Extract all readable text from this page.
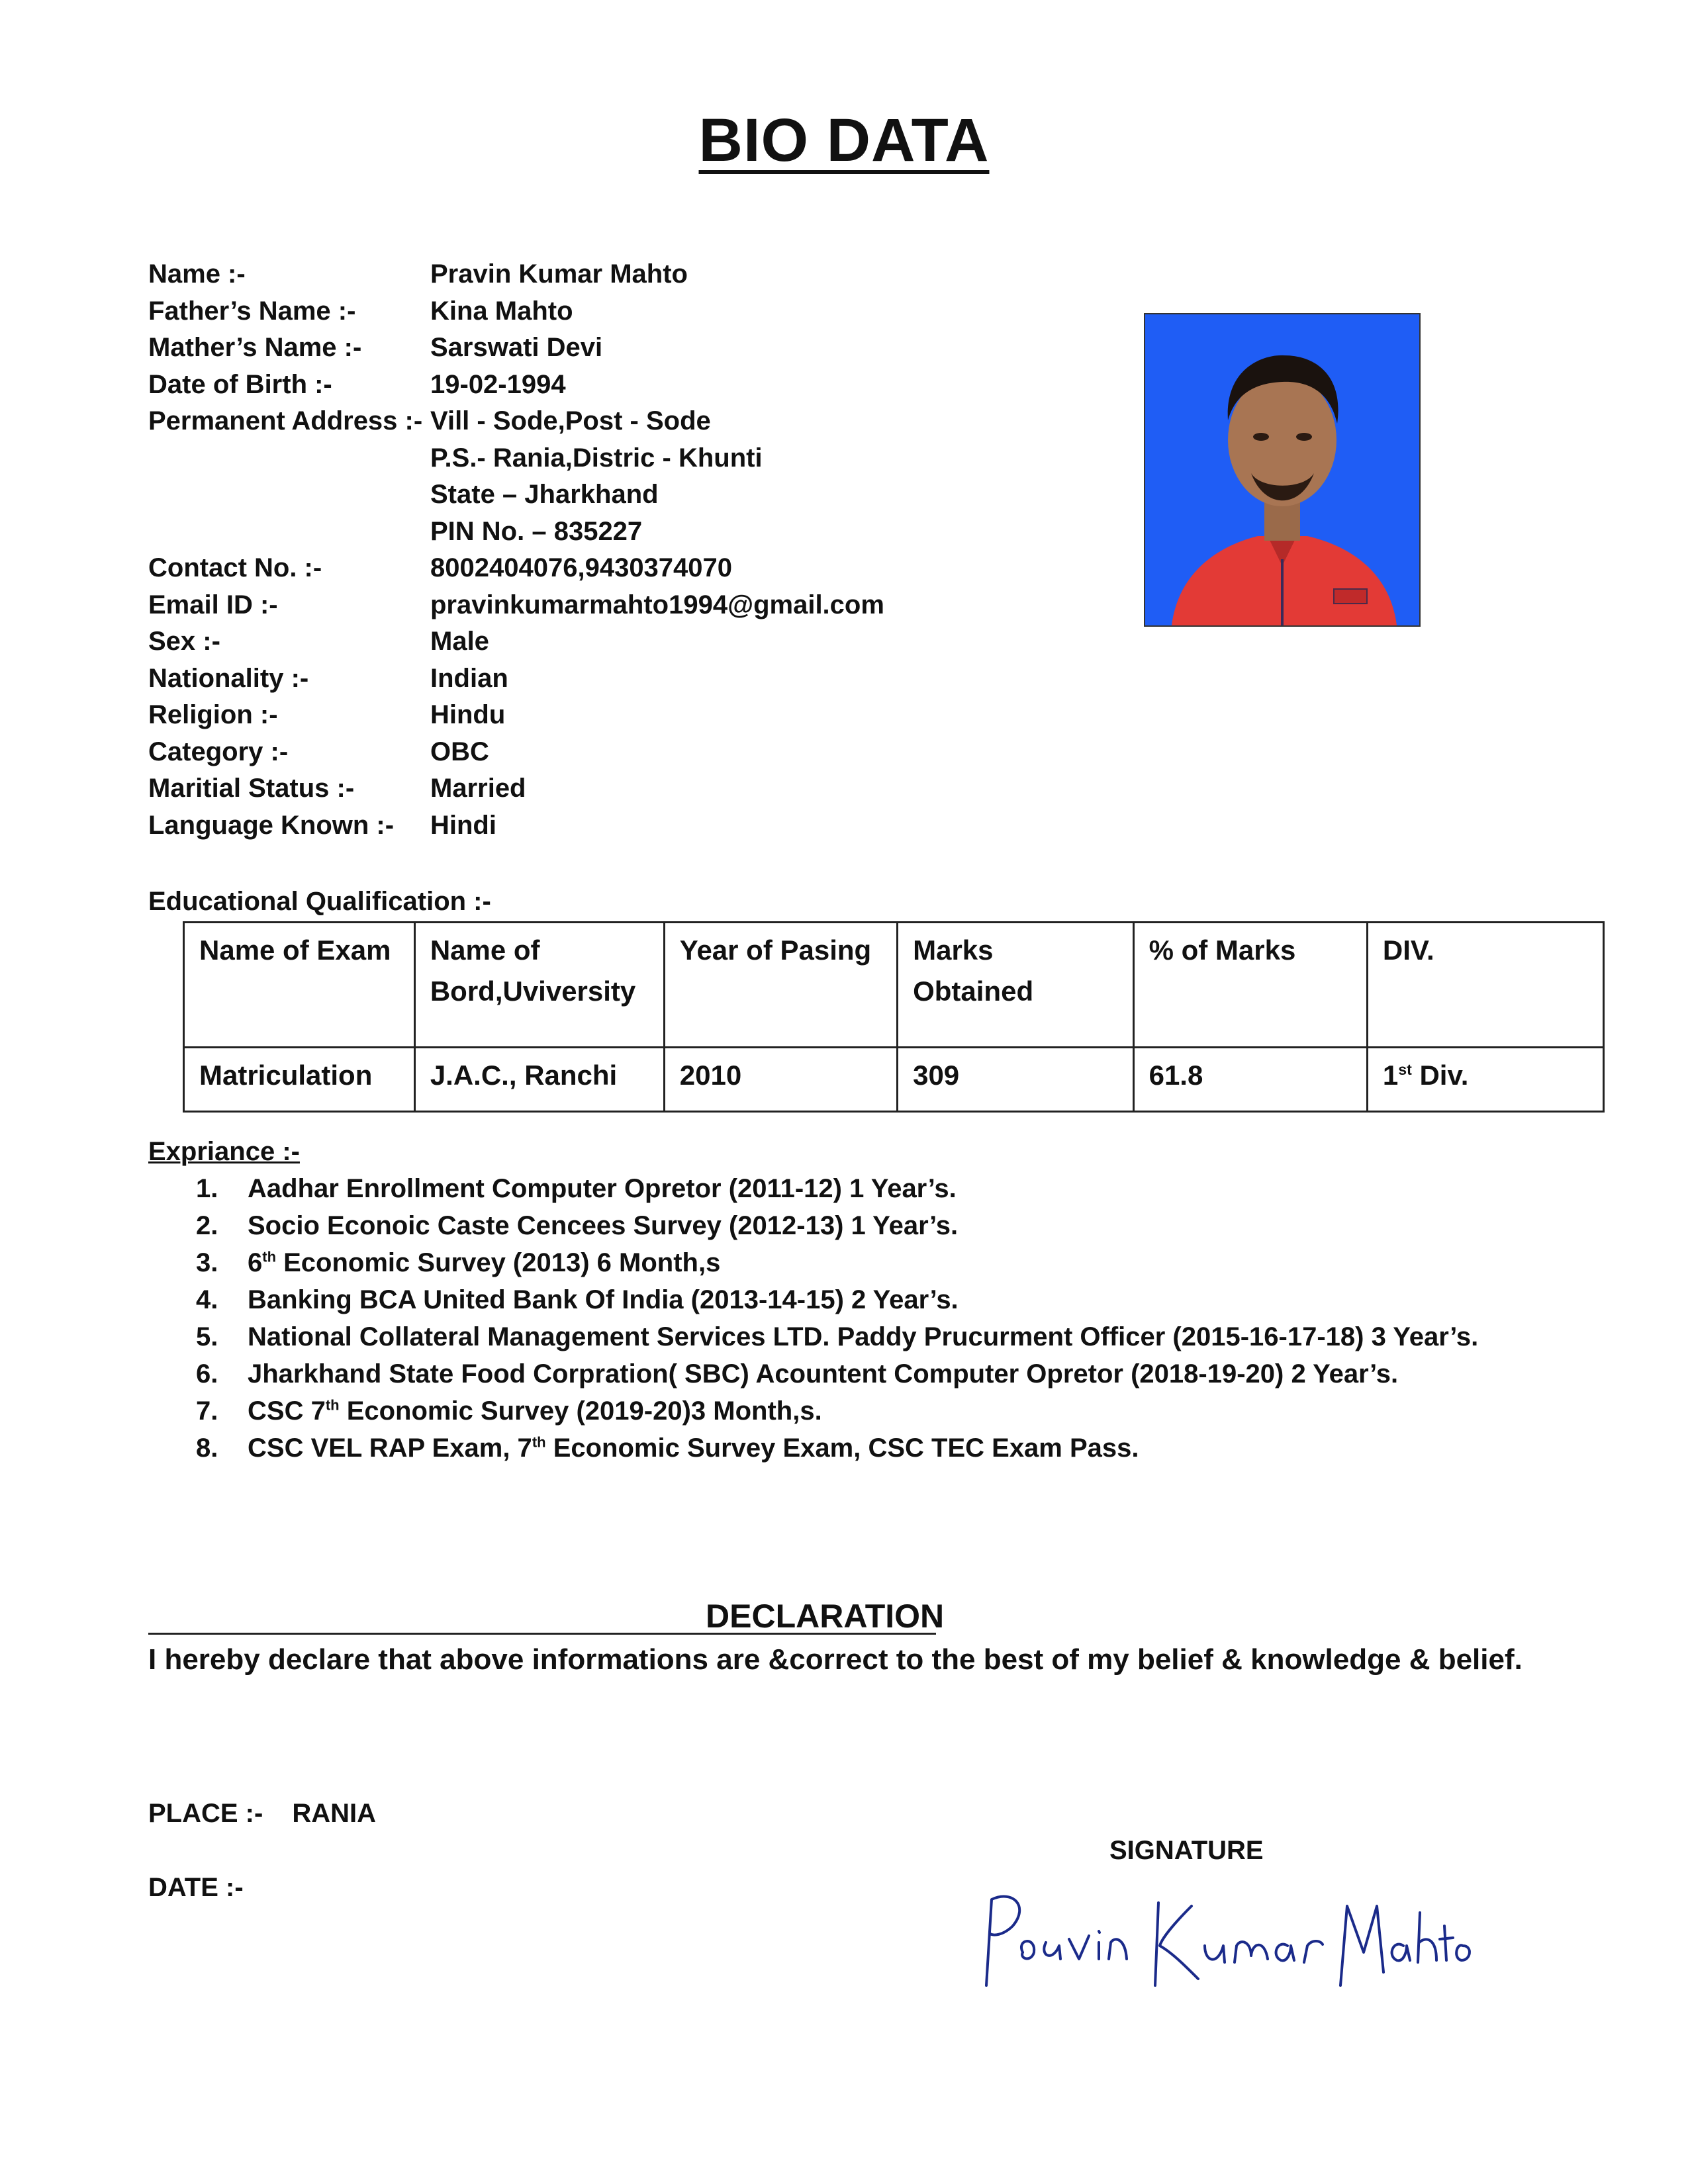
BIO DATA
Name :-	Pravin Kumar Mahto
Father’s Name :-	Kina Mahto
Mather’s Name :-	Sarswati Devi
Date of Birth :-	19-02-1994
Permanent Address :- Vill - Sode,Post - Sode
P.S.- Rania,Distric - Khunti
State – Jharkhand
PIN No. – 835227
Contact No. :-	8002404076,9430374070
Email ID :-	pravinkumarmahto1994@gmail.com
Sex :-	Male
Nationality :-	Indian
Religion :-	Hindu
Category :-	OBC
Maritial Status :-	Married
Language Known :- Hindi
Educational Qualification :-
Name of Exam	Name of Bord,Uviversity	Year of Pasing	Marks Obtained	% of Marks	DIV.
Matriculation	J.A.C., Ranchi	2010	309	61.8	1st Div.
Expriance :-
1. Aadhar Enrollment Computer Opretor (2011-12) 1 Year’s.
2. Socio Econoic Caste Cencees Survey (2012-13) 1 Year’s.
3. 6th Economic Survey (2013) 6 Month,s
4. Banking BCA United Bank Of India (2013-14-15) 2 Year’s.
5. National Collateral Management Services LTD. Paddy Prucurment Officer (2015-16-17-18) 3 Year’s.
6. Jharkhand State Food Corpration( SBC) Acountent Computer Opretor (2018-19-20) 2 Year’s.
7. CSC 7th Economic Survey (2019-20)3 Month,s.
8. CSC VEL RAP Exam, 7th Economic Survey Exam, CSC TEC Exam Pass.
DECLARATION
I hereby declare that above informations are &correct to the best of my belief & knowledge & belief.
PLACE :- RANIA
DATE :-
SIGNATURE
